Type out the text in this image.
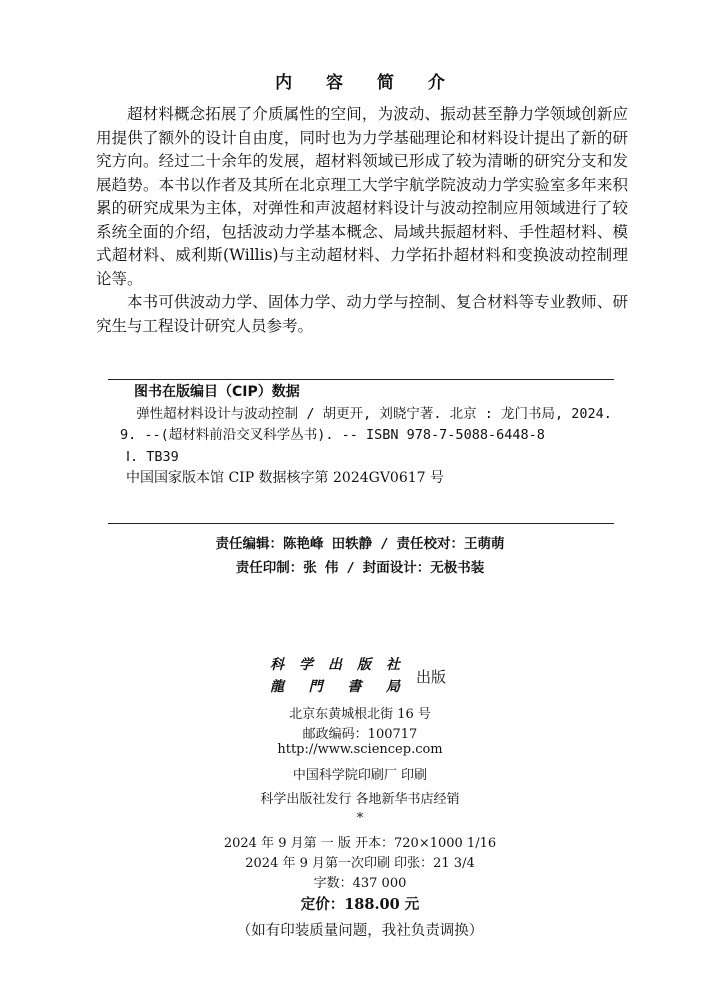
内 容 简 介

超材料概念拓展了介质属性的空间，为波动、振动甚至静力学领域创新应用提供了额外的设计自由度，同时也为力学基础理论和材料设计提出了新的研究方向。经过二十余年的发展，超材料领域已形成了较为清晰的研究分支和发展趋势。本书以作者及其所在北京理工大学宇航学院波动力学实验室多年来积累的研究成果为主体，对弹性和声波超材料设计与波动控制应用领域进行了较系统全面的介绍，包括波动力学基本概念、局域共振超材料、手性超材料、模式超材料、威利斯(Willis)与主动超材料、力学拓扑超材料和变换波动控制理论等。

本书可供波动力学、固体力学、动力学与控制、复合材料等专业教师、研究生与工程设计研究人员参考。

图书在版编目（CIP）数据
弹性超材料设计与波动控制 / 胡更开, 刘晓宁著. 北京 : 龙门书局, 2024. 9. --(超材料前沿交叉科学丛书). -- ISBN 978-7-5088-6448-8
Ⅰ. TB39
中国国家版本馆 CIP 数据核字第 2024GV0617 号
责任编辑：陈艳峰 田轶静 / 责任校对：王萌萌
责任印制：张 伟 / 封面设计：无极书装
科 学 出 版 社
龍 門 書 局
出版
北京东黄城根北街 16 号
邮政编码：100717
http://www.sciencep.com
中国科学院印刷厂 印刷
科学出版社发行 各地新华书店经销
*
2024 年 9 月第 一 版 开本：720×1000 1/16
2024 年 9 月第一次印刷 印张：21 3/4
字数：437 000
定价：188.00 元
（如有印装质量问题，我社负责调换）
